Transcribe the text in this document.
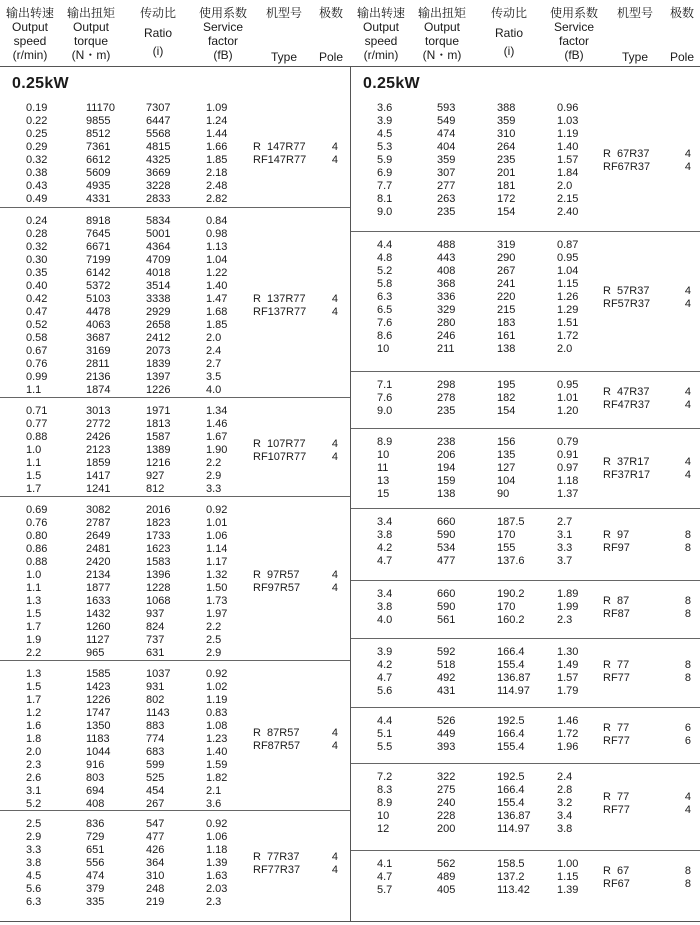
输出转速
Output
speed
(r/min)
输出扭矩
Output
torque
(N・m)
传动比
Ratio
(i)
使用系数
Service
factor
(fB)
机型号
Type
极数
Pole
0.25kW
0.19	11170	7307	1.09
0.22	9855	6447	1.24
0.25	8512	5568	1.44
0.29	7361	4815	1.66
0.32	6612	4325	1.85
0.38	5609	3669	2.18
0.43	4935	3228	2.48
0.49	4331	2833	2.82
R  147R77
RF147R77
4
4
0.24	8918	5834	0.84
0.28	7645	5001	0.98
0.32	6671	4364	1.13
0.30	7199	4709	1.04
0.35	6142	4018	1.22
0.40	5372	3514	1.40
0.42	5103	3338	1.47
0.47	4478	2929	1.68
0.52	4063	2658	1.85
0.58	3687	2412	2.0
0.67	3169	2073	2.4
0.76	2811	1839	2.7
0.99	2136	1397	3.5
1.1	1874	1226	4.0
R  137R77
RF137R77
4
4
0.71	3013	1971	1.34
0.77	2772	1813	1.46
0.88	2426	1587	1.67
1.0	2123	1389	1.90
1.1	1859	1216	2.2
1.5	1417	927	2.9
1.7	1241	812	3.3
R  107R77
RF107R77
4
4
0.69	3082	2016	0.92
0.76	2787	1823	1.01
0.80	2649	1733	1.06
0.86	2481	1623	1.14
0.88	2420	1583	1.17
1.0	2134	1396	1.32
1.1	1877	1228	1.50
1.3	1633	1068	1.73
1.5	1432	937	1.97
1.7	1260	824	2.2
1.9	1127	737	2.5
2.2	965	631	2.9
R  97R57
RF97R57
4
4
1.3	1585	1037	0.92
1.5	1423	931	1.02
1.7	1226	802	1.19
1.2	1747	1143	0.83
1.6	1350	883	1.08
1.8	1183	774	1.23
2.0	1044	683	1.40
2.3	916	599	1.59
2.6	803	525	1.82
3.1	694	454	2.1
5.2	408	267	3.6
R  87R57
RF87R57
4
4
2.5	836	547	0.92
2.9	729	477	1.06
3.3	651	426	1.18
3.8	556	364	1.39
4.5	474	310	1.63
5.6	379	248	2.03
6.3	335	219	2.3
R  77R37
RF77R37
4
4
输出转速
Output
speed
(r/min)
输出扭矩
Output
torque
(N・m)
传动比
Ratio
(i)
使用系数
Service
factor
(fB)
机型号
Type
极数
Pole
0.25kW
3.6	593	388	0.96
3.9	549	359	1.03
4.5	474	310	1.19
5.3	404	264	1.40
5.9	359	235	1.57
6.9	307	201	1.84
7.7	277	181	2.0
8.1	263	172	2.15
9.0	235	154	2.40
R  67R37
RF67R37
4
4
4.4	488	319	0.87
4.8	443	290	0.95
5.2	408	267	1.04
5.8	368	241	1.15
6.3	336	220	1.26
6.5	329	215	1.29
7.6	280	183	1.51
8.6	246	161	1.72
10	211	138	2.0
R  57R37
RF57R37
4
4
7.1	298	195	0.95
7.6	278	182	1.01
9.0	235	154	1.20
R  47R37
RF47R37
4
4
8.9	238	156	0.79
10	206	135	0.91
11	194	127	0.97
13	159	104	1.18
15	138	90	1.37
R  37R17
RF37R17
4
4
3.4	660	187.5	2.7
3.8	590	170	3.1
4.2	534	155	3.3
4.7	477	137.6	3.7
R  97
RF97
8
8
3.4	660	190.2	1.89
3.8	590	170	1.99
4.0	561	160.2	2.3
R  87
RF87
8
8
3.9	592	166.4	1.30
4.2	518	155.4	1.49
4.7	492	136.87 1.57
5.6	431	114.97 1.79
R  77
RF77
8
8
4.4	526	192.5	1.46
5.1	449	166.4	1.72
5.5	393	155.4	1.96
R  77
RF77
6
6
7.2	322	192.5	2.4
8.3	275	166.4	2.8
8.9	240	155.4	3.2
10	228	136.87 3.4
12	200	114.97 3.8
R  77
RF77
4
4
4.1	562	158.5	1.00
4.7	489	137.2	1.15
5.7	405	113.42 1.39
R  67
RF67
8
8
